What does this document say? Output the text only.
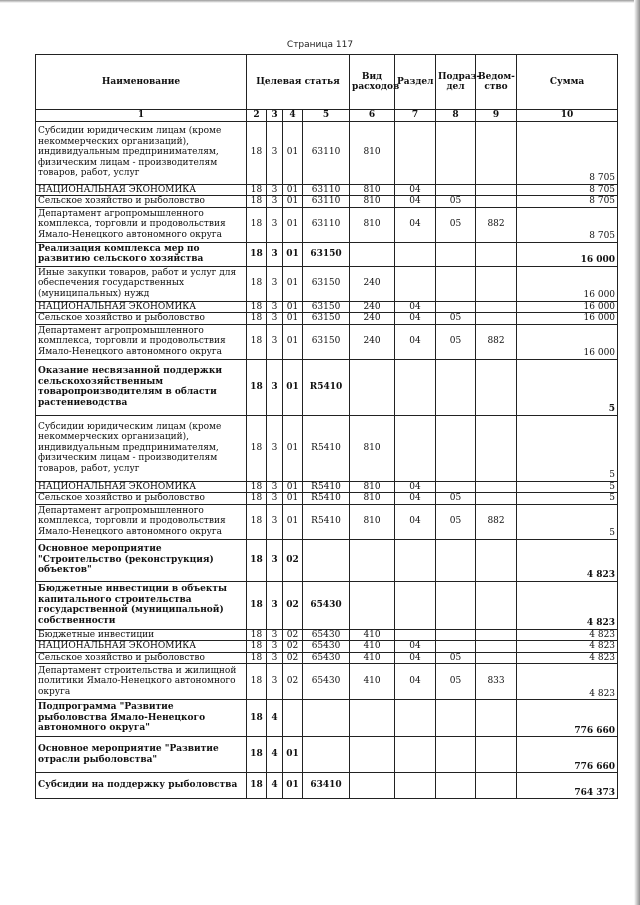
Страница 117
Наименование	Целевая статья				Вид расходов	Раздел	Подраз-дел	Ведом-ство	Сумма
1	2	3	4	5	6	7	8	9	10
Субсидии юридическим лицам (кроме некоммерческих организаций), индивидуальным предпринимателям, физическим лицам - производителям товаров, работ, услуг	18	3	01	63110	810				8 705
НАЦИОНАЛЬНАЯ ЭКОНОМИКА	18	3	01	63110	810	04			8 705
Сельское хозяйство и рыболовство	18	3	01	63110	810	04	05		8 705
Департамент агропромышленного комплекса, торговли и продовольствия Ямало-Ненецкого автономного округа	18	3	01	63110	810	04	05	882	8 705
Реализация комплекса мер по развитию сельского хозяйства	18	3	01	63150					16 000
Иные закупки товаров, работ и услуг для обеспечения государственных (муниципальных) нужд	18	3	01	63150	240				16 000
НАЦИОНАЛЬНАЯ ЭКОНОМИКА	18	3	01	63150	240	04			16 000
Сельское хозяйство и рыболовство	18	3	01	63150	240	04	05		16 000
Департамент агропромышленного комплекса, торговли и продовольствия Ямало-Ненецкого автономного округа	18	3	01	63150	240	04	05	882	16 000
Оказание несвязанной поддержки сельскохозяйственным товаропроизводителям в области растениеводства	18	3	01	R5410					5
Субсидии юридическим лицам (кроме некоммерческих организаций), индивидуальным предпринимателям, физическим лицам - производителям товаров, работ, услуг	18	3	01	R5410	810				5
НАЦИОНАЛЬНАЯ ЭКОНОМИКА	18	3	01	R5410	810	04			5
Сельское хозяйство и рыболовство	18	3	01	R5410	810	04	05		5
Департамент агропромышленного комплекса, торговли и продовольствия Ямало-Ненецкого автономного округа	18	3	01	R5410	810	04	05	882	5
Основное мероприятие "Строительство (реконструкция) объектов"	18	3	02						4 823
Бюджетные инвестиции в объекты капитального строительства государственной (муниципальной) собственности	18	3	02	65430					4 823
Бюджетные инвестиции	18	3	02	65430	410				4 823
НАЦИОНАЛЬНАЯ ЭКОНОМИКА	18	3	02	65430	410	04			4 823
Сельское хозяйство и рыболовство	18	3	02	65430	410	04	05		4 823
Департамент строительства и жилищной политики Ямало-Ненецкого автономного округа	18	3	02	65430	410	04	05	833	4 823
Подпрограмма "Развитие рыболовства Ямало-Ненецкого автономного округа"	18	4							776 660
Основное мероприятие "Развитие отрасли рыболовства"	18	4	01						776 660
Субсидии на поддержку рыболовства	18	4	01	63410					764 373
